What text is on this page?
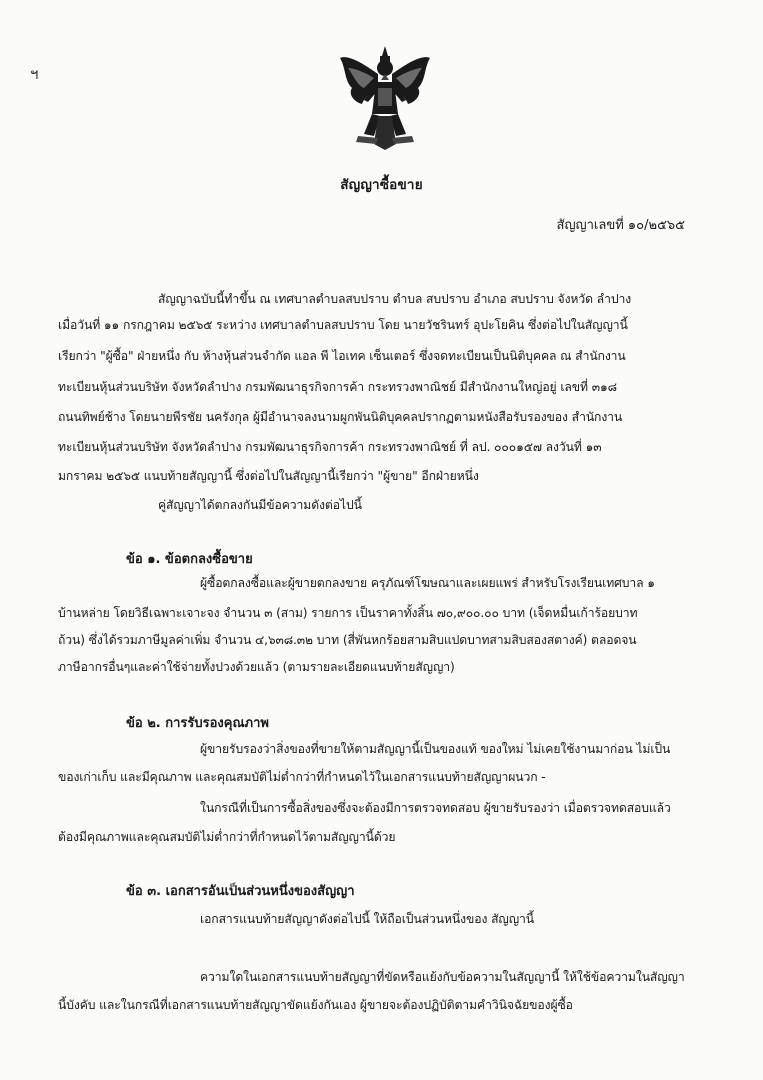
ฯ
สัญญาซื้อขาย
สัญญาเลขที่ ๑๐/๒๕๖๕
สัญญาฉบับนี้ทำขึ้น ณ เทศบาลตำบลสบปราบ ตำบล สบปราบ อำเภอ สบปราบ จังหวัด ลำปาง
เมื่อวันที่ ๑๑ กรกฎาคม ๒๕๖๕ ระหว่าง เทศบาลตำบลสบปราบ โดย นายวัชรินทร์ อุปะโยคิน ซึ่งต่อไปในสัญญานี้
เรียกว่า "ผู้ซื้อ" ฝ่ายหนึ่ง กับ ห้างหุ้นส่วนจำกัด แอล พี ไอเทค เซ็นเตอร์ ซึ่งจดทะเบียนเป็นนิติบุคคล ณ สำนักงาน
ทะเบียนหุ้นส่วนบริษัท จังหวัดลำปาง กรมพัฒนาธุรกิจการค้า กระทรวงพาณิชย์ มีสำนักงานใหญ่อยู่ เลขที่ ๓๑๘
ถนนทิพย์ช้าง โดยนายพีรชัย นครังกุล ผู้มีอำนาจลงนามผูกพันนิติบุคคลปรากฏตามหนังสือรับรองของ สำนักงาน
ทะเบียนหุ้นส่วนบริษัท จังหวัดลำปาง กรมพัฒนาธุรกิจการค้า กระทรวงพาณิชย์ ที่ ลป. ๐๐๐๑๕๗ ลงวันที่ ๑๓
มกราคม ๒๕๖๕ แนบท้ายสัญญานี้ ซึ่งต่อไปในสัญญานี้เรียกว่า "ผู้ขาย" อีกฝ่ายหนึ่ง
คู่สัญญาได้ตกลงกันมีข้อความดังต่อไปนี้
ข้อ ๑. ข้อตกลงซื้อขาย
ผู้ซื้อตกลงซื้อและผู้ขายตกลงขาย ครุภัณฑ์โฆษณาและเผยแพร่ สำหรับโรงเรียนเทศบาล ๑
บ้านหล่าย โดยวิธีเฉพาะเจาะจง จำนวน ๓ (สาม) รายการ เป็นราคาทั้งสิ้น ๗๐,๙๐๐.๐๐ บาท (เจ็ดหมื่นเก้าร้อยบาท
ถ้วน) ซึ่งได้รวมภาษีมูลค่าเพิ่ม จำนวน ๔,๖๓๘.๓๒ บาท (สี่พันหกร้อยสามสิบแปดบาทสามสิบสองสตางค์) ตลอดจน
ภาษีอากรอื่นๆและค่าใช้จ่ายทั้งปวงด้วยแล้ว (ตามรายละเอียดแนบท้ายสัญญา)
ข้อ ๒. การรับรองคุณภาพ
ผู้ขายรับรองว่าสิ่งของที่ขายให้ตามสัญญานี้เป็นของแท้ ของใหม่ ไม่เคยใช้งานมาก่อน ไม่เป็น
ของเก่าเก็บ และมีคุณภาพ และคุณสมบัติไม่ต่ำกว่าที่กำหนดไว้ในเอกสารแนบท้ายสัญญาผนวก -
ในกรณีที่เป็นการซื้อสิ่งของซึ่งจะต้องมีการตรวจทดสอบ ผู้ขายรับรองว่า เมื่อตรวจทดสอบแล้ว
ต้องมีคุณภาพและคุณสมบัติไม่ต่ำกว่าที่กำหนดไว้ตามสัญญานี้ด้วย
ข้อ ๓. เอกสารอันเป็นส่วนหนึ่งของสัญญา
เอกสารแนบท้ายสัญญาดังต่อไปนี้ ให้ถือเป็นส่วนหนึ่งของ สัญญานี้
ความใดในเอกสารแนบท้ายสัญญาที่ขัดหรือแย้งกับข้อความในสัญญานี้ ให้ใช้ข้อความในสัญญา
นี้บังคับ และในกรณีที่เอกสารแนบท้ายสัญญาขัดแย้งกันเอง ผู้ขายจะต้องปฏิบัติตามคำวินิจฉัยของผู้ซื้อ
